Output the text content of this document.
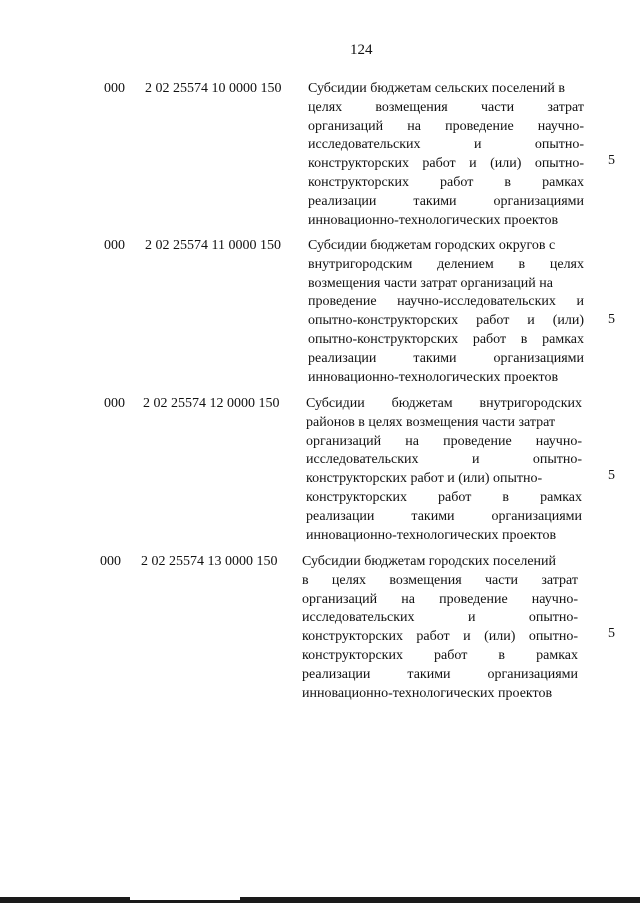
124
000 2 02 25574 10 0000 150 Субсидии бюджетам сельских поселений в
целях возмещения части затрат
организаций на проведение научно-
исследовательских и опытно-
конструкторских работ и (или) опытно-
конструкторских работ в рамках
реализации такими организациями
инновационно-технологических проектов
5
000 2 02 25574 11 0000 150 Субсидии бюджетам городских округов с
внутригородским делением в целях
возмещения части затрат организаций на
проведение научно-исследовательских и
опытно-конструкторских работ и (или)
опытно-конструкторских работ в рамках
реализации такими организациями
инновационно-технологических проектов
5
000 2 02 25574 12 0000 150 Субсидии бюджетам внутригородских
районов в целях возмещения части затрат
организаций на проведение научно-
исследовательских и опытно-
конструкторских работ и (или) опытно-
конструкторских работ в рамках
реализации такими организациями
инновационно-технологических проектов
5
000 2 02 25574 13 0000 150 Субсидии бюджетам городских поселений
в целях возмещения части затрат
организаций на проведение научно-
исследовательских и опытно-
конструкторских работ и (или) опытно-
конструкторских работ в рамках
реализации такими организациями
инновационно-технологических проектов
5
